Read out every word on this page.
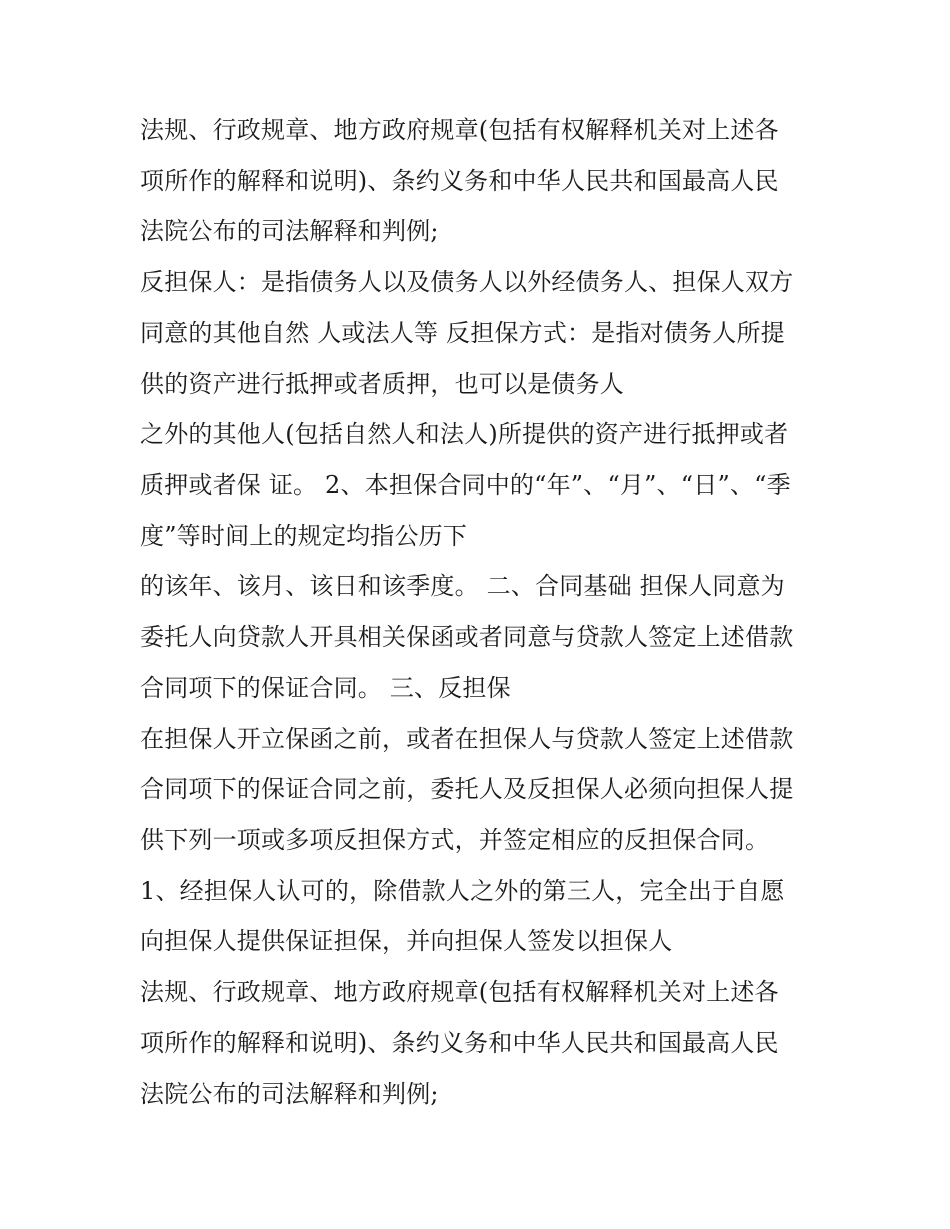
法规、行政规章、地方政府规章(包括有权解释机关对上述各
项所作的解释和说明)、条约义务和中华人民共和国最高人民
法院公布的司法解释和判例;
反担保人：是指债务人以及债务人以外经债务人、担保人双方
同意的其他自然 人或法人等 反担保方式：是指对债务人所提
供的资产进行抵押或者质押，也可以是债务人
之外的其他人(包括自然人和法人)所提供的资产进行抵押或者
质押或者保 证。 2、本担保合同中的“年”、“月”、“日”、“季
度”等时间上的规定均指公历下
的该年、该月、该日和该季度。 二、合同基础 担保人同意为
委托人向贷款人开具相关保函或者同意与贷款人签定上述借款
合同项下的保证合同。 三、反担保
在担保人开立保函之前，或者在担保人与贷款人签定上述借款
合同项下的保证合同之前，委托人及反担保人必须向担保人提
供下列一项或多项反担保方式，并签定相应的反担保合同。
1、经担保人认可的，除借款人之外的第三人，完全出于自愿
向担保人提供保证担保，并向担保人签发以担保人
法规、行政规章、地方政府规章(包括有权解释机关对上述各
项所作的解释和说明)、条约义务和中华人民共和国最高人民
法院公布的司法解释和判例;
